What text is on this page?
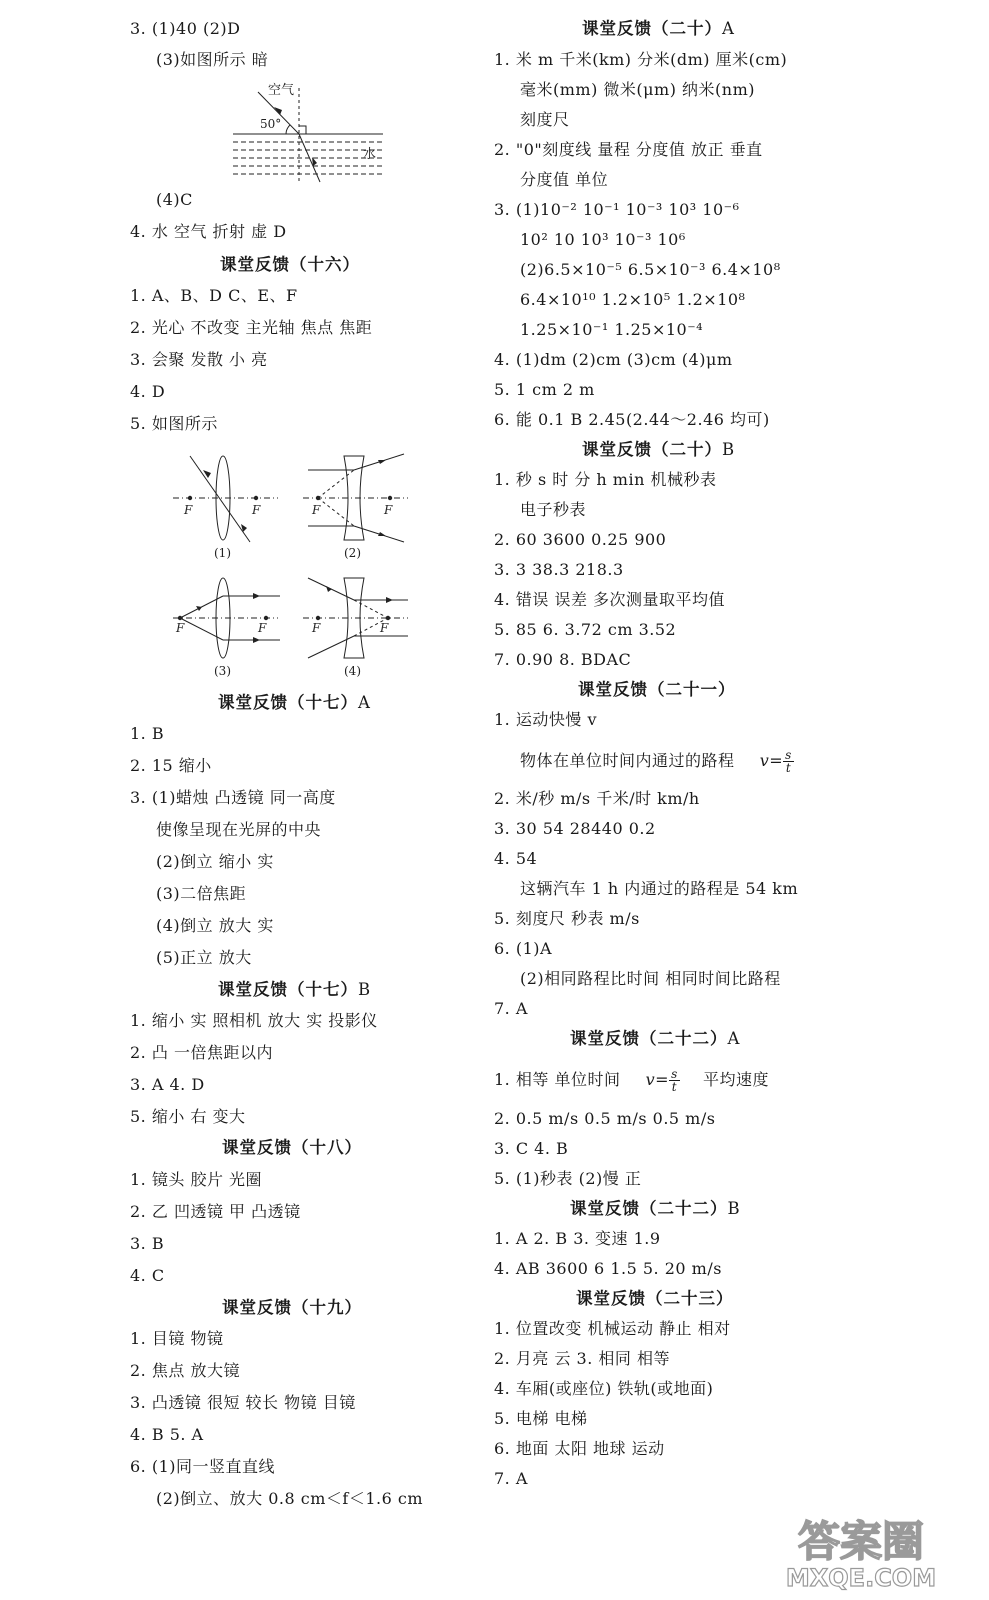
3. (1)40 (2)D
(3)如图所示 暗
空气
水
50°
(4)C
4. 水 空气 折射 虚 D
课堂反馈（十六）
1. A、B、D C、E、F
2. 光心 不改变 主光轴 焦点 焦距
3. 会聚 发散 小 亮
4. D
5. 如图所示
F	F	F	F
F	F	F	F
(1)	(2)
(3)	(4)
课堂反馈（十七）A
1. B
2. 15 缩小
3. (1)蜡烛 凸透镜 同一高度
使像呈现在光屏的中央
(2)倒立 缩小 实
(3)二倍焦距
(4)倒立 放大 实
(5)正立 放大
课堂反馈（十七）B
1. 缩小 实 照相机 放大 实 投影仪
2. 凸 一倍焦距以内
3. A 4. D
5. 缩小 右 变大
课堂反馈（十八）
1. 镜头 胶片 光圈
2. 乙 凹透镜 甲 凸透镜
3. B
4. C
课堂反馈（十九）
1. 目镜 物镜
2. 焦点 放大镜
3. 凸透镜 很短 较长 物镜 目镜
4. B 5. A
6. (1)同一竖直直线
(2)倒立、放大 0.8 cm＜f＜1.6 cm
课堂反馈（二十）A
1. 米 m 千米(km) 分米(dm) 厘米(cm)
毫米(mm) 微米(μm) 纳米(nm)
刻度尺
2. "0"刻度线 量程 分度值 放正 垂直
分度值 单位
3. (1)10⁻² 10⁻¹ 10⁻³ 10³ 10⁻⁶
10² 10 10³ 10⁻³ 10⁶
(2)6.5×10⁻⁵ 6.5×10⁻³ 6.4×10⁸
6.4×10¹⁰ 1.2×10⁵ 1.2×10⁸
1.25×10⁻¹ 1.25×10⁻⁴
4. (1)dm (2)cm (3)cm (4)μm
5. 1 cm 2 m
6. 能 0.1 B 2.45(2.44～2.46 均可)
课堂反馈（二十）B
1. 秒 s 时 分 h min 机械秒表
电子秒表
2. 60 3600 0.25 900
3. 3 38.3 218.3
4. 错误 误差 多次测量取平均值
5. 85 6. 3.72 cm 3.52
7. 0.90 8. BDAC
课堂反馈（二十一）
1. 运动快慢 v
物体在单位时间内通过的路程 $v= \frac{s}{t}$
2. 米/秒 m/s 千米/时 km/h
3. 30 54 28440 0.2
4. 54
这辆汽车 1 h 内通过的路程是 54 km
5. 刻度尺 秒表 m/s
6. (1)A
(2)相同路程比时间 相同时间比路程
7. A
课堂反馈（二十二）A
1. 相等 单位时间 $v= \frac{s}{t}$ 平均速度
2. 0.5 m/s 0.5 m/s 0.5 m/s
3. C 4. B
5. (1)秒表 (2)慢 正
课堂反馈（二十二）B
1. A 2. B 3. 变速 1.9
4. AB 3600 6 1.5 5. 20 m/s
课堂反馈（二十三）
1. 位置改变 机械运动 静止 相对
2. 月亮 云 3. 相同 相等
4. 车厢(或座位) 铁轨(或地面)
5. 电梯 电梯
6. 地面 太阳 地球 运动
7. A
答案圈
MXQE.COM
